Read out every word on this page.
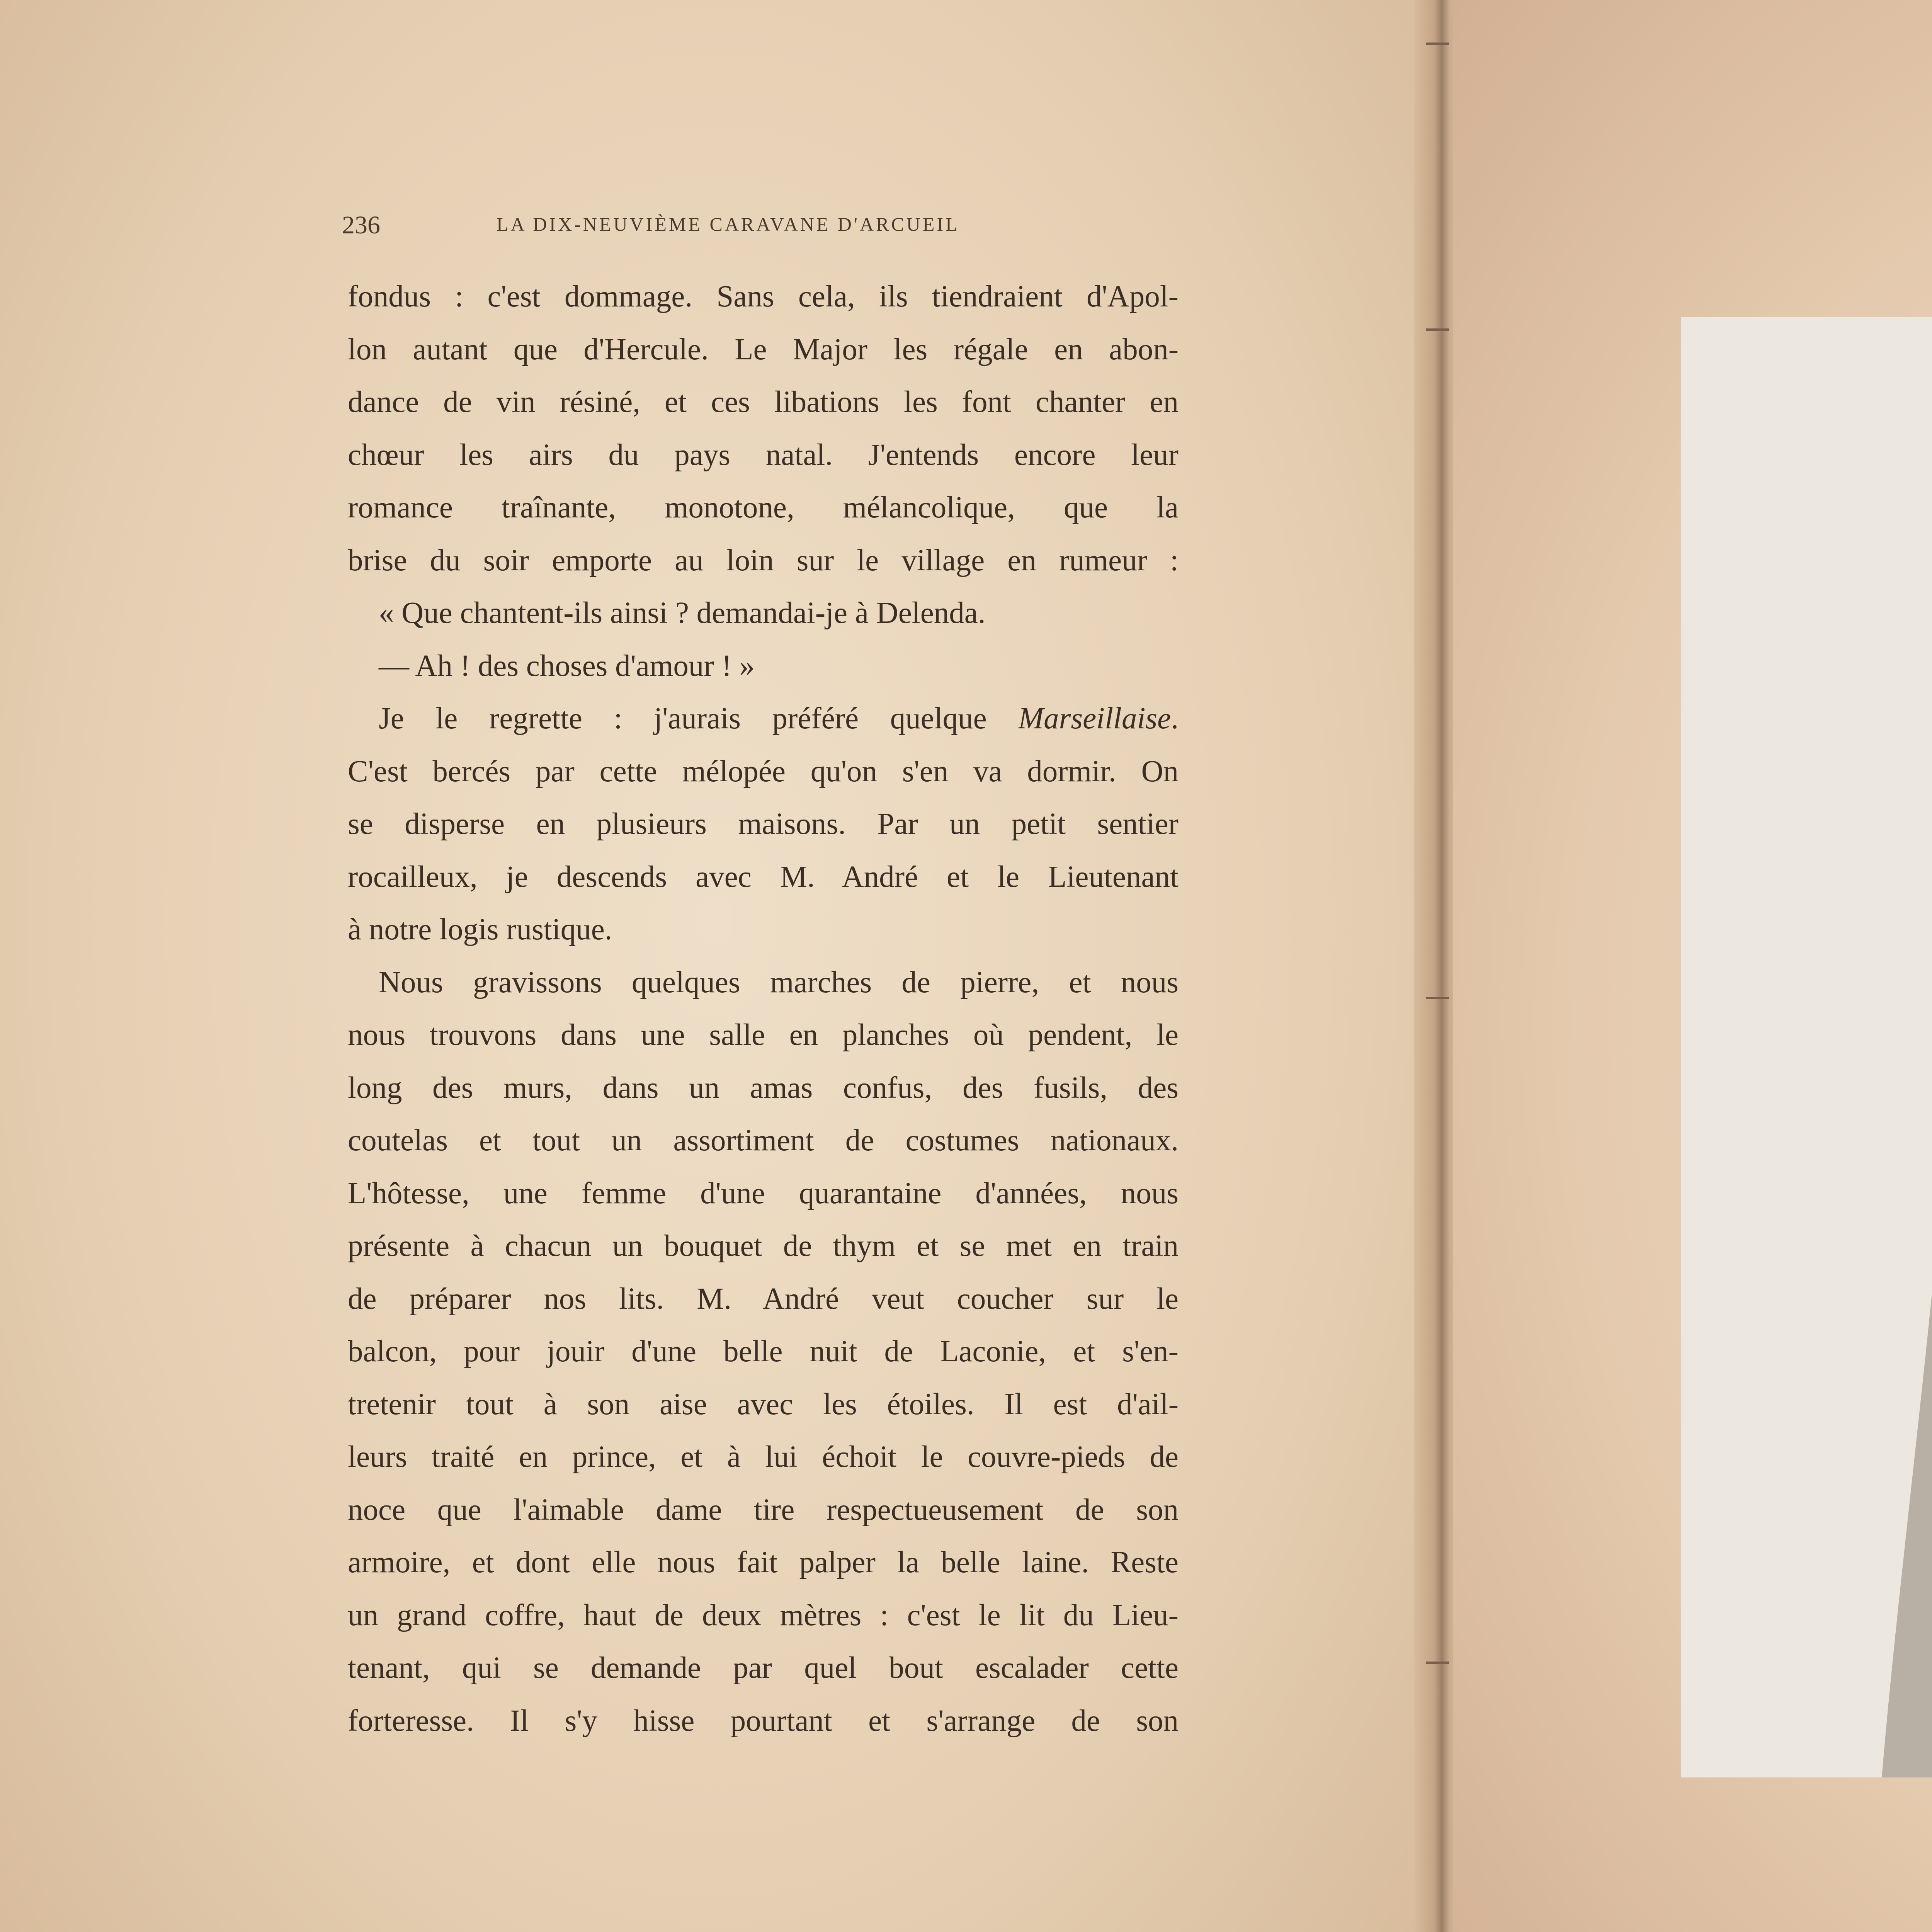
236	LA DIX-NEUVIÈME CARAVANE D'ARCUEIL
fondus : c'est dommage. Sans cela, ils tiendraient d'Apol-
lon autant que d'Hercule. Le Major les régale en abon-
dance de vin résiné, et ces libations les font chanter en
chœur les airs du pays natal. J'entends encore leur
romance traînante, monotone, mélancolique, que la
brise du soir emporte au loin sur le village en rumeur :
« Que chantent-ils ainsi ? demandai-je à Delenda.
— Ah ! des choses d'amour ! »
Je le regrette : j'aurais préféré quelque Marseillaise.
C'est bercés par cette mélopée qu'on s'en va dormir. On
se disperse en plusieurs maisons. Par un petit sentier
rocailleux, je descends avec M. André et le Lieutenant
à notre logis rustique.
Nous gravissons quelques marches de pierre, et nous
nous trouvons dans une salle en planches où pendent, le
long des murs, dans un amas confus, des fusils, des
coutelas et tout un assortiment de costumes nationaux.
L'hôtesse, une femme d'une quarantaine d'années, nous
présente à chacun un bouquet de thym et se met en train
de préparer nos lits. M. André veut coucher sur le
balcon, pour jouir d'une belle nuit de Laconie, et s'en-
tretenir tout à son aise avec les étoiles. Il est d'ail-
leurs traité en prince, et à lui échoit le couvre-pieds de
noce que l'aimable dame tire respectueusement de son
armoire, et dont elle nous fait palper la belle laine. Reste
un grand coffre, haut de deux mètres : c'est le lit du Lieu-
tenant, qui se demande par quel bout escalader cette
forteresse. Il s'y hisse pourtant et s'arrange de son
